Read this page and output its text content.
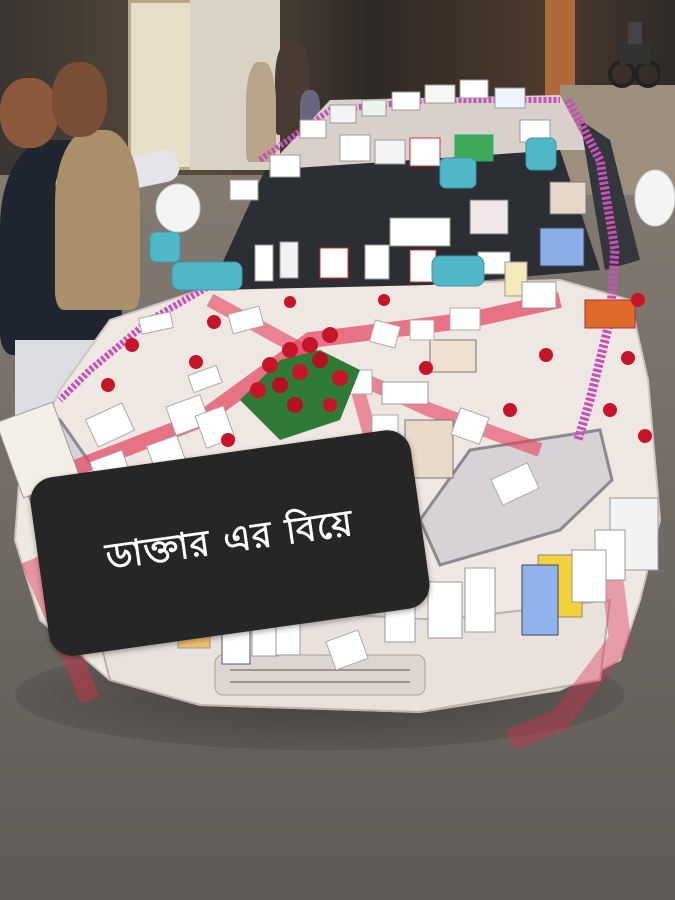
ডাক্তার এর বিয়ে
